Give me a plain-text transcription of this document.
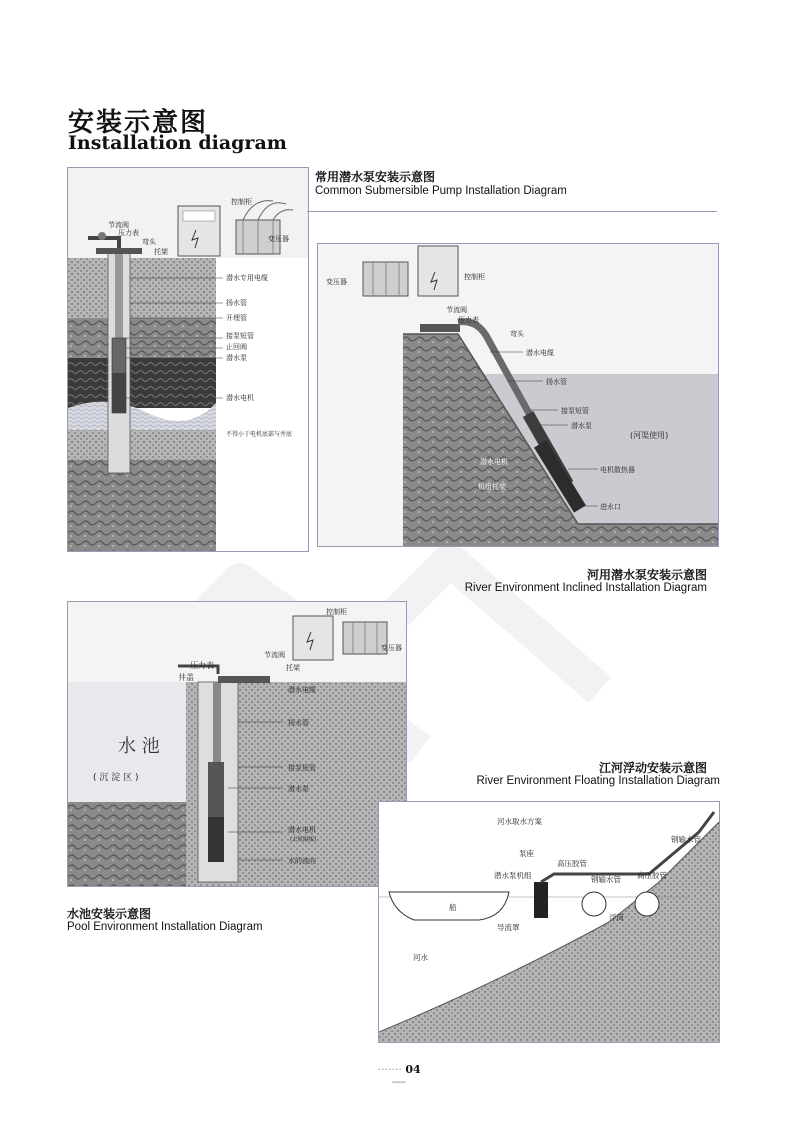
安装示意图
Installation diagram
节流阀
压力表
弯头
托架
控制柜
变压器
潜水专用电缆
扬水管
开埋管
接泵短管
止回阀
潜水泵
潜水电机
不得小于电机底部与井底
常用潜水泵安装示意图
Common Submersible Pump Installation Diagram
变压器
控制柜
节流阀
压力表
弯头
潜水电缆
扬水管
接泵短管
潜水泵
(河渠使用)
潜水电机
电机散热器
机组托架
进水口
河用潜水泵安装示意图
River Environment Inclined Installation Diagram
控制柜
节流阀
压力表	托架
变压器
井盖
潜水电缆
扬水管
水 池
( 沉 淀 区 )
接泵短管
潜水泵
潜水电机
(去机隔板)
水的流向
水池安装示意图
Pool Environment Installation Diagram
江河浮动安装示意图
River Environment Floating Installation Diagram
河水取水方案
钢输水管
泵座
高压胶管
潜水泵机组	钢输水管 高压胶管
船
浮筒
导流罩
河水
······· 04 ──
